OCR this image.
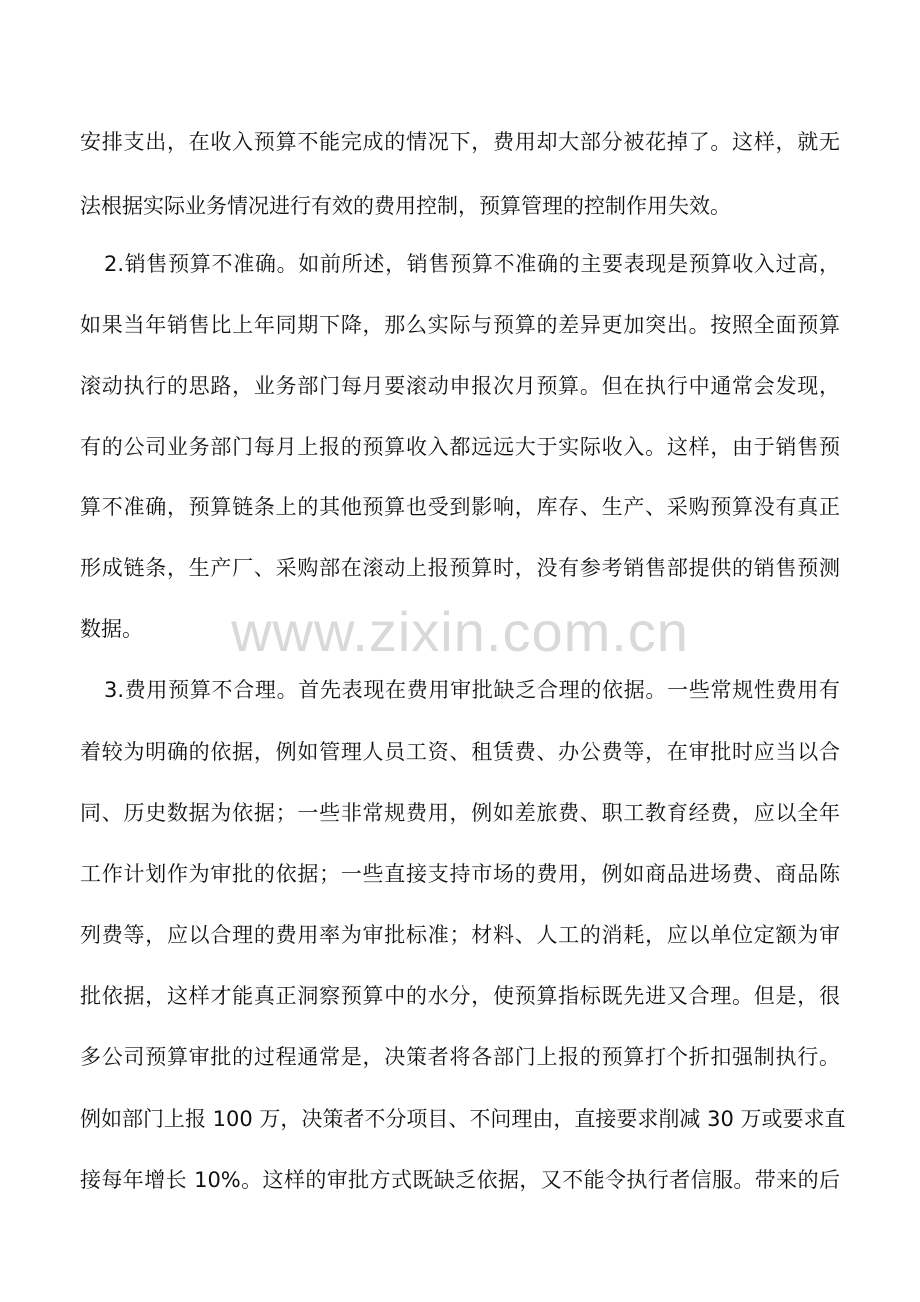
安排支出，在收入预算不能完成的情况下，费用却大部分被花掉了。这样，就无
法根据实际业务情况进行有效的费用控制，预算管理的控制作用失效。
2.销售预算不准确。如前所述，销售预算不准确的主要表现是预算收入过高，
如果当年销售比上年同期下降，那么实际与预算的差异更加突出。按照全面预算
滚动执行的思路，业务部门每月要滚动申报次月预算。但在执行中通常会发现，
有的公司业务部门每月上报的预算收入都远远大于实际收入。这样，由于销售预
算不准确，预算链条上的其他预算也受到影响，库存、生产、采购预算没有真正
形成链条，生产厂、采购部在滚动上报预算时，没有参考销售部提供的销售预测
数据。
3.费用预算不合理。首先表现在费用审批缺乏合理的依据。一些常规性费用有
着较为明确的依据，例如管理人员工资、租赁费、办公费等，在审批时应当以合
同、历史数据为依据；一些非常规费用，例如差旅费、职工教育经费，应以全年
工作计划作为审批的依据；一些直接支持市场的费用，例如商品进场费、商品陈
列费等，应以合理的费用率为审批标准；材料、人工的消耗，应以单位定额为审
批依据，这样才能真正洞察预算中的水分，使预算指标既先进又合理。但是，很
多公司预算审批的过程通常是，决策者将各部门上报的预算打个折扣强制执行。
例如部门上报 100 万，决策者不分项目、不问理由，直接要求削减 30 万或要求直
接每年增长 10%。这样的审批方式既缺乏依据，又不能令执行者信服。带来的后
www.zixin.com.cn
